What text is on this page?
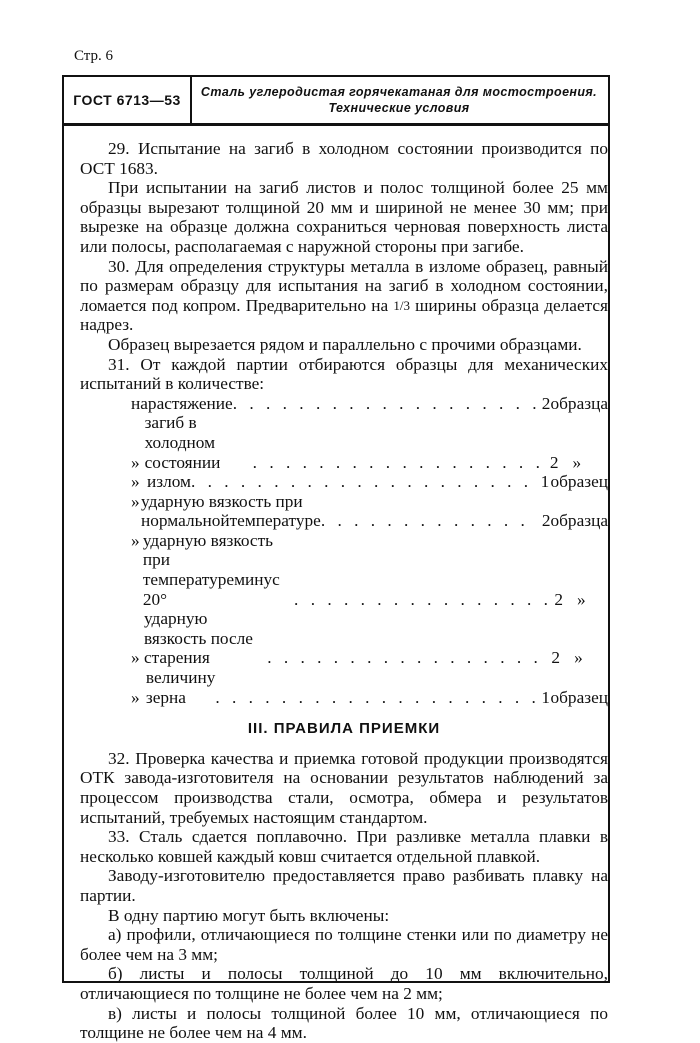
Стр. 6
ГОСТ 6713—53	Сталь углеродистая горячекатаная для мостостроения.
Технические условия

29. Испытание на загиб в холодном состоянии производится по ОСТ 1683.

При испытании на загиб листов и полос толщиной более 25 мм образцы вырезают толщиной 20 мм и шириной не менее 30 мм; при вырезке на образце должна сохраниться черновая поверхность листа или полосы, располагаемая с наружной стороны при загибе.

30. Для определения структуры металла в изломе образец, равный по размерам образцу для испытания на загиб в холодном состоянии, ломается под копром. Предварительно на $^{1/3}$ ширины образца делается надрез.

Образец вырезается рядом и параллельно с прочими образцами.

31. От каждой партии отбираются образцы для механических испытаний в количестве:

на растяжение . . .	2 образца
»
загиб в холодном состоянии . . .	2 »
» излом . . .	1 образец
» ударную вязкость при нормальнойтемпературе . . .	2 образца
» ударную вязкость при температуреминус 20° . . .	2 »
»
ударную вязкость после старения . . .	2 »
»
величину зерна . . .	1 образец
III. ПРАВИЛА ПРИЕМКИ

32. Проверка качества и приемка готовой продукции производятся ОТК завода-изготовителя на основании результатов наблюдений за процессом производства стали, осмотра, обмера и результатов испытаний, требуемых настоящим стандартом.

33. Сталь сдается поплавочно. При разливке металла плавки в несколько ковшей каждый ковш считается отдельной плавкой.

Заводу-изготовителю предоставляется право разбивать плавку на партии.

В одну партию могут быть включены:

а) профили, отличающиеся по толщине стенки или по диаметру не более чем на 3 мм;

б) листы и полосы толщиной до 10 мм включительно, отличающиеся по толщине не более чем на 2 мм;

в) листы и полосы толщиной более 10 мм, отличающиеся по толщине не более чем на 4 мм.
